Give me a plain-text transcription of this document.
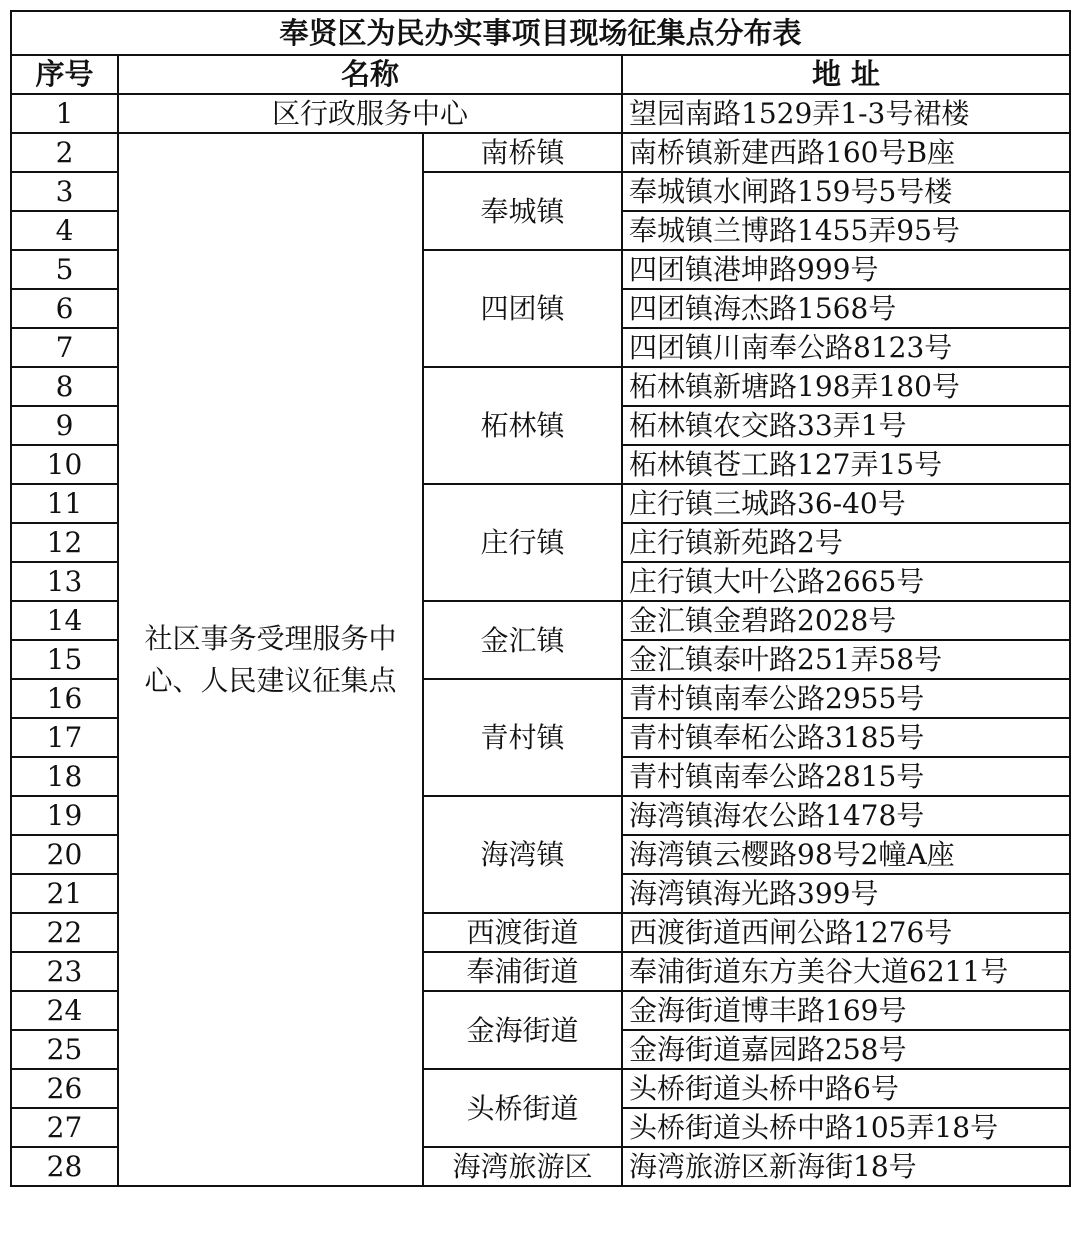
奉贤区为民办实事项目现场征集点分布表			
序号	名称		地 址
1	区行政服务中心		望园南路1529弄1-3号裙楼
2	社区事务受理服务中心、人民建议征集点	南桥镇	南桥镇新建西路160号B座
3		奉城镇	奉城镇水闸路159号5号楼
4			奉城镇兰博路1455弄95号
5		四团镇	四团镇港坤路999号
6			四团镇海杰路1568号
7			四团镇川南奉公路8123号
8		柘林镇	柘林镇新塘路198弄180号
9			柘林镇农交路33弄1号
10			柘林镇苍工路127弄15号
11		庄行镇	庄行镇三城路36-40号
12			庄行镇新苑路2号
13			庄行镇大叶公路2665号
14		金汇镇	金汇镇金碧路2028号
15			金汇镇泰叶路251弄58号
16		青村镇	青村镇南奉公路2955号
17			青村镇奉柘公路3185号
18			青村镇南奉公路2815号
19		海湾镇	海湾镇海农公路1478号
20			海湾镇云樱路98号2幢A座
21			海湾镇海光路399号
22		西渡街道	西渡街道西闸公路1276号
23		奉浦街道	奉浦街道东方美谷大道6211号
24		金海街道	金海街道博丰路169号
25			金海街道嘉园路258号
26		头桥街道	头桥街道头桥中路6号
27			头桥街道头桥中路105弄18号
28		海湾旅游区	海湾旅游区新海街18号
